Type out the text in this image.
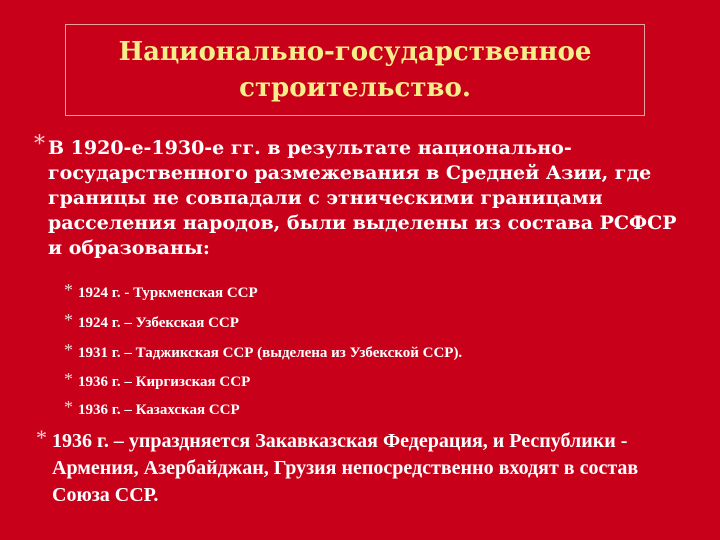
Национально-государственное
строительство.
* В 1920-е-1930-е гг. в результате национально-государственного размежевания в Средней Азии, где границы не совпадали с этническими границами расселения народов, были выделены из состава РСФСР и образованы:
* 1924 г. - Туркменская ССР
* 1924 г. – Узбекская ССР
* 1931 г. – Таджикская ССР (выделена из Узбекской ССР).
* 1936 г. – Киргизская ССР
* 1936 г. – Казахская ССР
* 1936 г. – упраздняется Закавказская Федерация, и Республики - Армения, Азербайджан, Грузия непосредственно входят в состав Союза ССР.
